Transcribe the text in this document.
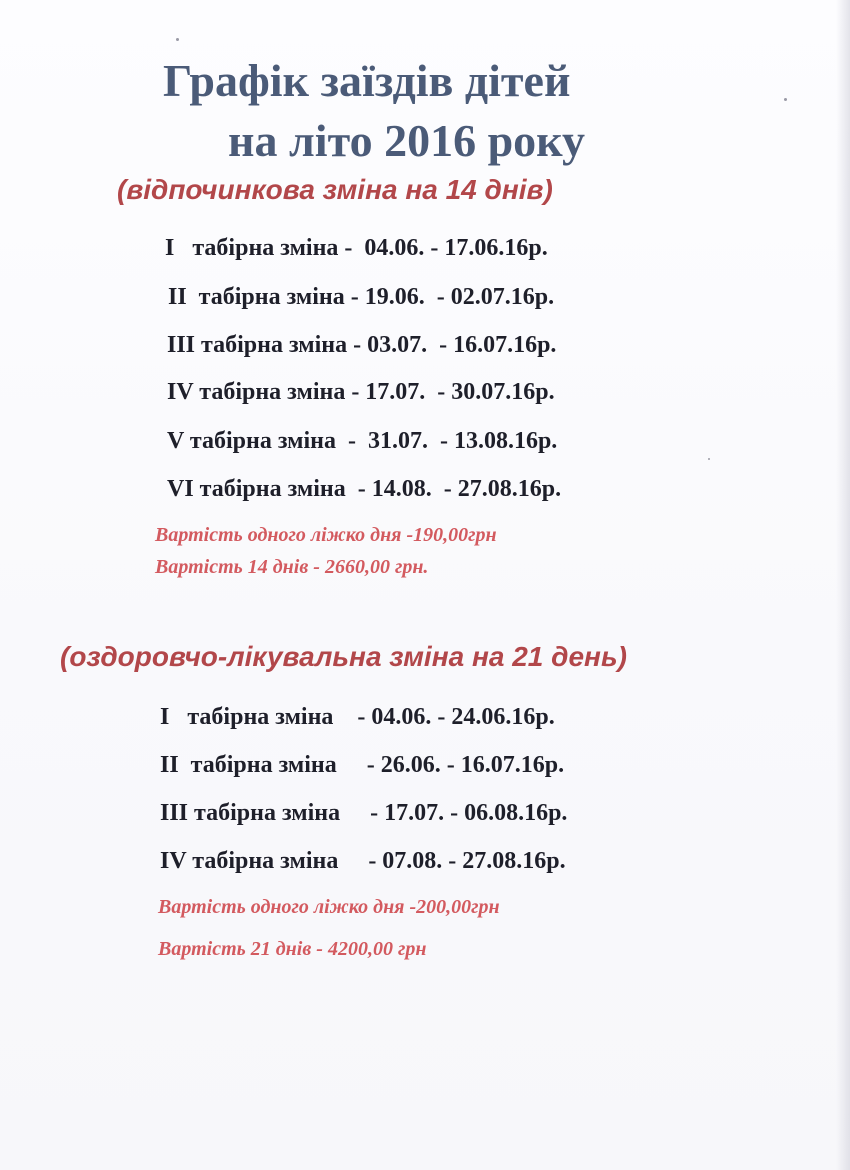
Графік заїздів дітей
на літо 2016 року
(відпочинкова зміна на 14 днів)
I   табірна зміна -  04.06. - 17.06.16р.
II  табірна зміна - 19.06.  - 02.07.16р.
III табірна зміна - 03.07.  - 16.07.16р.
IV табірна зміна - 17.07.  - 30.07.16р.
V табірна зміна  -  31.07.  - 13.08.16р.
VI табірна зміна  - 14.08.  - 27.08.16р.
Вартість одного ліжко дня -190,00грн
Вартість 14 днів - 2660,00 грн.
(оздоровчо-лікувальна зміна на 21 день)
I   табірна зміна    - 04.06. - 24.06.16р.
II  табірна зміна     - 26.06. - 16.07.16р.
III табірна зміна     - 17.07. - 06.08.16р.
IV табірна зміна     - 07.08. - 27.08.16р.
Вартість одного ліжко дня -200,00грн
Вартість 21 днів - 4200,00 грн
